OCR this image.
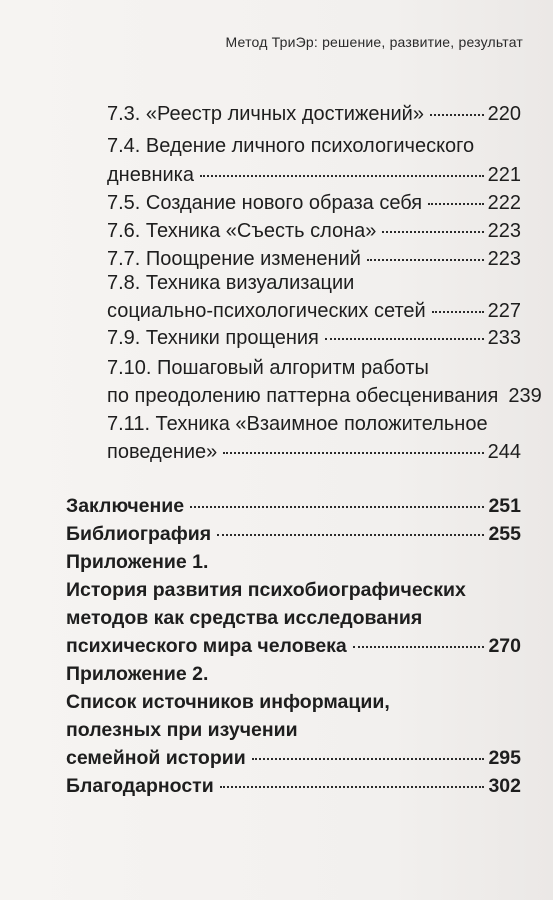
Метод ТриЭр: решение, развитие, результат
7.3. «Реестр личных достижений»	220
7.4. Ведение личного психологического
дневника	221
7.5. Создание нового образа себя	222
7.6. Техника «Съесть слона»	223
7.7. Поощрение изменений	223
7.8. Техника визуализации
социально-психологических сетей	227
7.9. Техники прощения	233
7.10. Пошаговый алгоритм работы
по преодолению паттерна обесценивания 239
7.11. Техника «Взаимное положительное
поведение»	244
Заключение	251
Библиография	255
Приложение 1.
История развития психобиографических
методов как средства исследования
психического мира человека	270
Приложение 2.
Список источников информации,
полезных при изучении
семейной истории	295
Благодарности	302
